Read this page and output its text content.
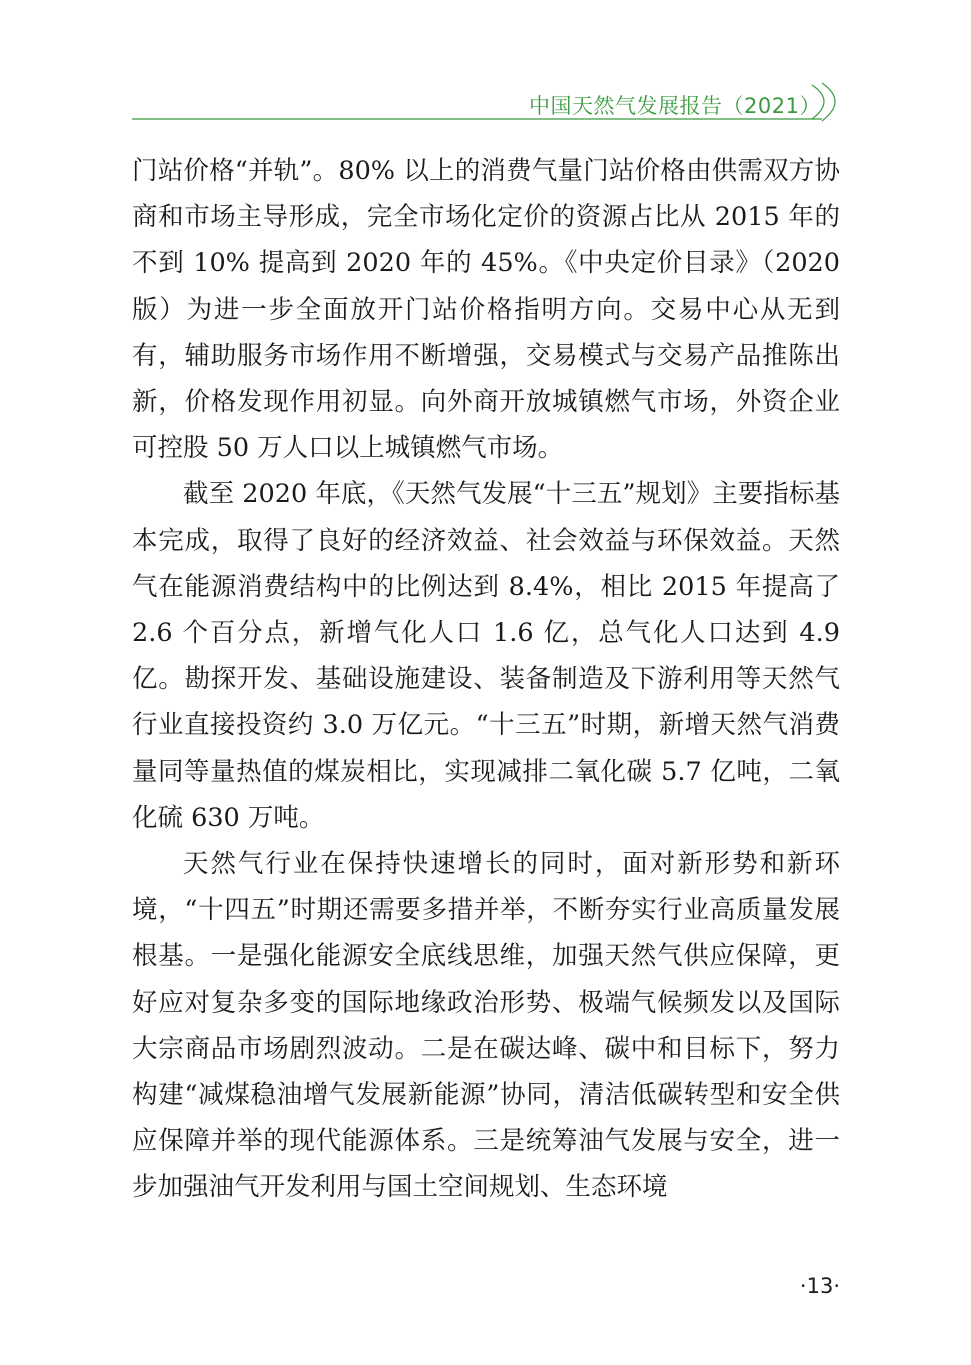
中国天然气发展报告（2021）

门站价格“并轨”。80% 以上的消费气量门站价格由供需双方协商和市场主导形成，完全市场化定价的资源占比从 2015 年的不到 10% 提高到 2020 年的 45%。《中央定价目录》（2020 版）为进一步全面放开门站价格指明方向。交易中心从无到有，辅助服务市场作用不断增强，交易模式与交易产品推陈出新，价格发现作用初显。向外商开放城镇燃气市场，外资企业可控股 50 万人口以上城镇燃气市场。

截至 2020 年底，《天然气发展“十三五”规划》主要指标基本完成，取得了良好的经济效益、社会效益与环保效益。天然气在能源消费结构中的比例达到 8.4%，相比 2015 年提高了 2.6 个百分点，新增气化人口 1.6 亿，总气化人口达到 4.9 亿。勘探开发、基础设施建设、装备制造及下游利用等天然气行业直接投资约 3.0 万亿元。“十三五”时期，新增天然气消费量同等量热值的煤炭相比，实现减排二氧化碳 5.7 亿吨，二氧化硫 630 万吨。

天然气行业在保持快速增长的同时，面对新形势和新环境，“十四五”时期还需要多措并举，不断夯实行业高质量发展根基。一是强化能源安全底线思维，加强天然气供应保障，更好应对复杂多变的国际地缘政治形势、极端气候频发以及国际大宗商品市场剧烈波动。二是在碳达峰、碳中和目标下，努力构建“减煤稳油增气发展新能源”协同，清洁低碳转型和安全供应保障并举的现代能源体系。三是统筹油气发展与安全，进一步加强油气开发利用与国土空间规划、生态环境

·13·
